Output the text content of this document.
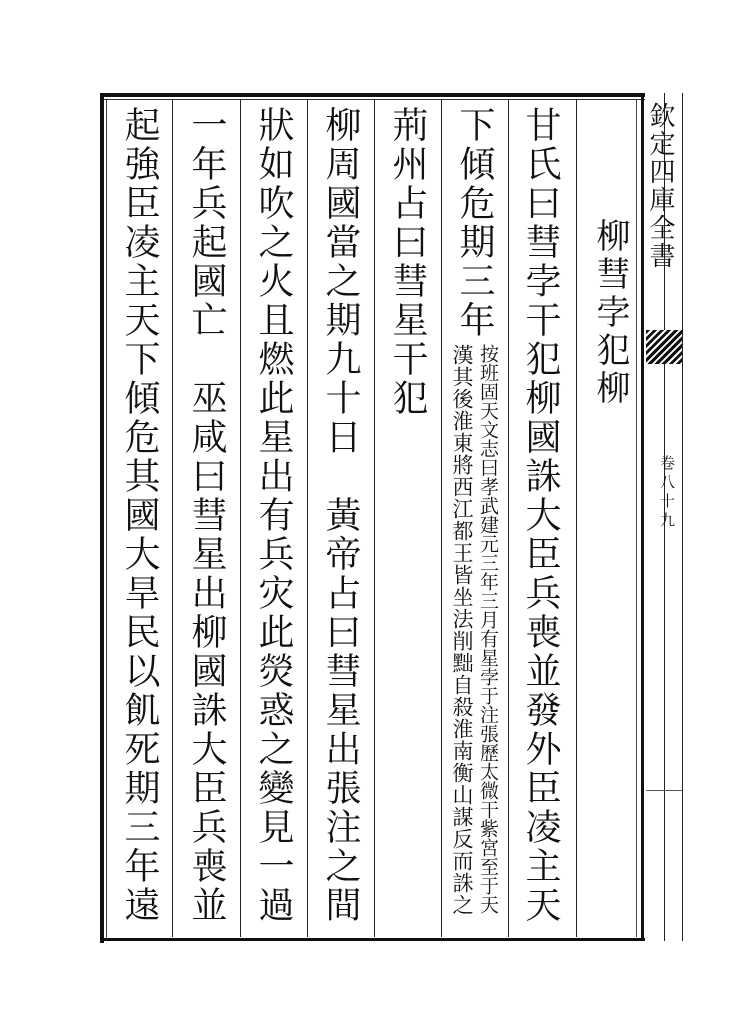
欽定四庫全書
卷八十九
柳彗孛犯柳
甘氏曰彗孛干犯柳國誅大臣兵喪並發外臣凌主天
下傾危期三年
按班固天文志曰孝武建元三年三月有星孛于注張歷太微干紫宮至于天
漢其後淮東將西江都王皆坐法削黜自殺淮南衡山謀反而誅之
荊州占曰彗星干犯
柳周國當之期九十日　黃帝占曰彗星出張注之間
狀如吹之火且燃此星出有兵灾此熒惑之變見一過
一年兵起國亡　巫咸曰彗星出柳國誅大臣兵喪並
起強臣凌主天下傾危其國大旱民以飢死期三年遠
